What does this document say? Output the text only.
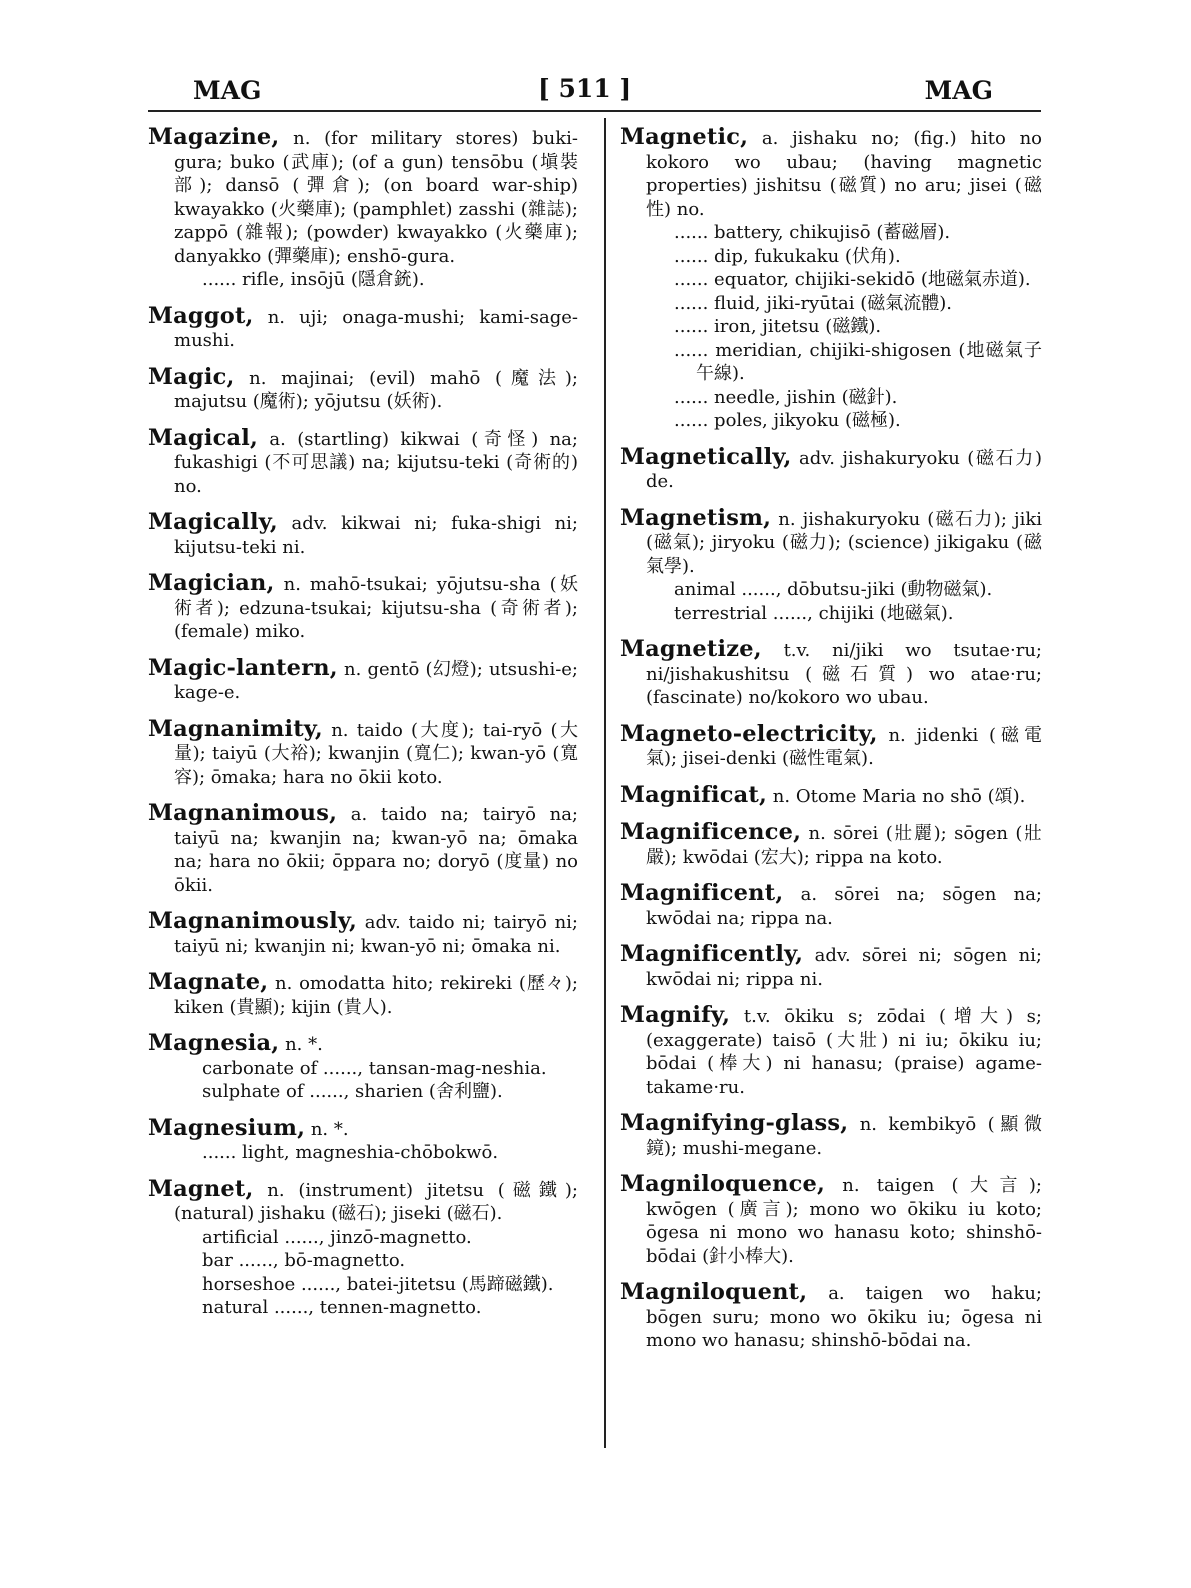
MAG	[ 511 ]	MAG
Magazine, n. (for military stores) buki-gura; buko (武庫); (of a gun) tensōbu (塡裝部); dansō (彈倉); (on board war-ship) kwayakko (火藥庫); (pamphlet) zasshi (雜誌); zappō (雜報); (powder) kwayakko (火藥庫); danyakko (彈藥庫); enshō-gura.
...... rifle, insōjū (隱倉銃).
Maggot, n. uji; onaga-mushi; kami-sage-mushi.
Magic, n. majinai; (evil) mahō (魔法); majutsu (魔術); yōjutsu (妖術).
Magical, a. (startling) kikwai (奇怪) na; fukashigi (不可思議) na; kijutsu-teki (奇術的) no.
Magically, adv. kikwai ni; fuka-shigi ni; kijutsu-teki ni.
Magician, n. mahō-tsukai; yōjutsu-sha (妖術者); edzuna-tsukai; kijutsu-sha (奇術者); (female) miko.
Magic-lantern, n. gentō (幻燈); utsushi-e; kage-e.
Magnanimity, n. taido (大度); tai-ryō (大量); taiyū (大裕); kwanjin (寬仁); kwan-yō (寬容); ōmaka; hara no ōkii koto.
Magnanimous, a. taido na; tairyō na; taiyū na; kwanjin na; kwan-yō na; ōmaka na; hara no ōkii; ōppara no; doryō (度量) no ōkii.
Magnanimously, adv. taido ni; tairyō ni; taiyū ni; kwanjin ni; kwan-yō ni; ōmaka ni.
Magnate, n. omodatta hito; rekireki (歷々); kiken (貴顯); kijin (貴人).
Magnesia, n. *.
carbonate of ......, tansan-mag-neshia.
sulphate of ......, sharien (舍利鹽).
Magnesium, n. *.
...... light, magneshia-chōbokwō.
Magnet, n. (instrument) jitetsu (磁鐵); (natural) jishaku (磁石); jiseki (磁石).
artificial ......, jinzō-magnetto.
bar ......, bō-magnetto.
horseshoe ......, batei-jitetsu (馬蹄磁鐵).
natural ......, tennen-magnetto.
Magnetic, a. jishaku no; (fig.) hito no kokoro wo ubau; (having magnetic properties) jishitsu (磁質) no aru; jisei (磁性) no.
...... battery, chikujisō (蓄磁層).
...... dip, fukukaku (伏角).
...... equator, chijiki-sekidō (地磁氣赤道).
...... fluid, jiki-ryūtai (磁氣流體).
...... iron, jitetsu (磁鐵).
...... meridian, chijiki-shigosen (地磁氣子午線).
...... needle, jishin (磁針).
...... poles, jikyoku (磁極).
Magnetically, adv. jishakuryoku (磁石力) de.
Magnetism, n. jishakuryoku (磁石力); jiki (磁氣); jiryoku (磁力); (science) jikigaku (磁氣學).
animal ......, dōbutsu-jiki (動物磁氣).
terrestrial ......, chijiki (地磁氣).
Magnetize, t.v. ni/jiki wo tsutae·ru; ni/jishakushitsu (磁石質) wo atae·ru; (fascinate) no/kokoro wo ubau.
Magneto-electricity, n. jidenki (磁電氣); jisei-denki (磁性電氣).
Magnificat, n. Otome Maria no shō (頌).
Magnificence, n. sōrei (壯麗); sōgen (壯嚴); kwōdai (宏大); rippa na koto.
Magnificent, a. sōrei na; sōgen na; kwōdai na; rippa na.
Magnificently, adv. sōrei ni; sōgen ni; kwōdai ni; rippa ni.
Magnify, t.v. ōkiku s; zōdai (增大) s; (exaggerate) taisō (大壯) ni iu; ōkiku iu; bōdai (棒大) ni hanasu; (praise) agame-takame·ru.
Magnifying-glass, n. kembikyō (顯微鏡); mushi-megane.
Magniloquence, n. taigen (大言); kwōgen (廣言); mono wo ōkiku iu koto; ōgesa ni mono wo hanasu koto; shinshō-bōdai (針小棒大).
Magniloquent, a. taigen wo haku; bōgen suru; mono wo ōkiku iu; ōgesa ni mono wo hanasu; shinshō-bōdai na.
